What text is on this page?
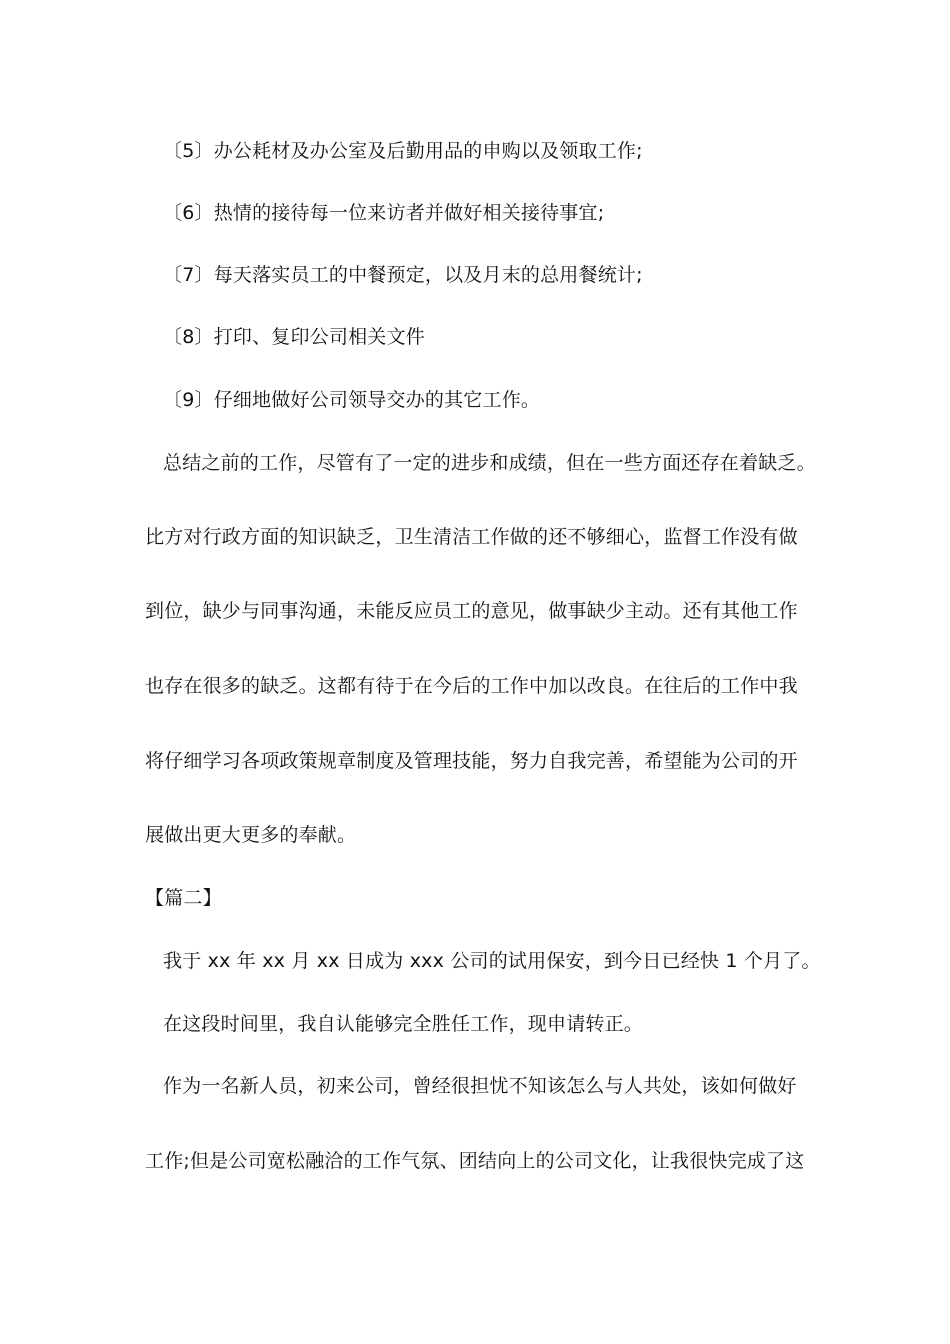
〔5〕办公耗材及办公室及后勤用品的申购以及领取工作;
〔6〕热情的接待每一位来访者并做好相关接待事宜;
〔7〕每天落实员工的中餐预定，以及月末的总用餐统计;
〔8〕打印、复印公司相关文件
〔9〕仔细地做好公司领导交办的其它工作。
总结之前的工作，尽管有了一定的进步和成绩，但在一些方面还存在着缺乏。
比方对行政方面的知识缺乏，卫生清洁工作做的还不够细心，监督工作没有做
到位，缺少与同事沟通，未能反应员工的意见，做事缺少主动。还有其他工作
也存在很多的缺乏。这都有待于在今后的工作中加以改良。在往后的工作中我
将仔细学习各项政策规章制度及管理技能，努力自我完善，希望能为公司的开
展做出更大更多的奉献。
【篇二】
我于 xx 年 xx 月 xx 日成为 xxx 公司的试用保安，到今日已经快 1 个月了。
在这段时间里，我自认能够完全胜任工作，现申请转正。
作为一名新人员，初来公司，曾经很担忧不知该怎么与人共处，该如何做好
工作;但是公司宽松融洽的工作气氛、团结向上的公司文化，让我很快完成了这
